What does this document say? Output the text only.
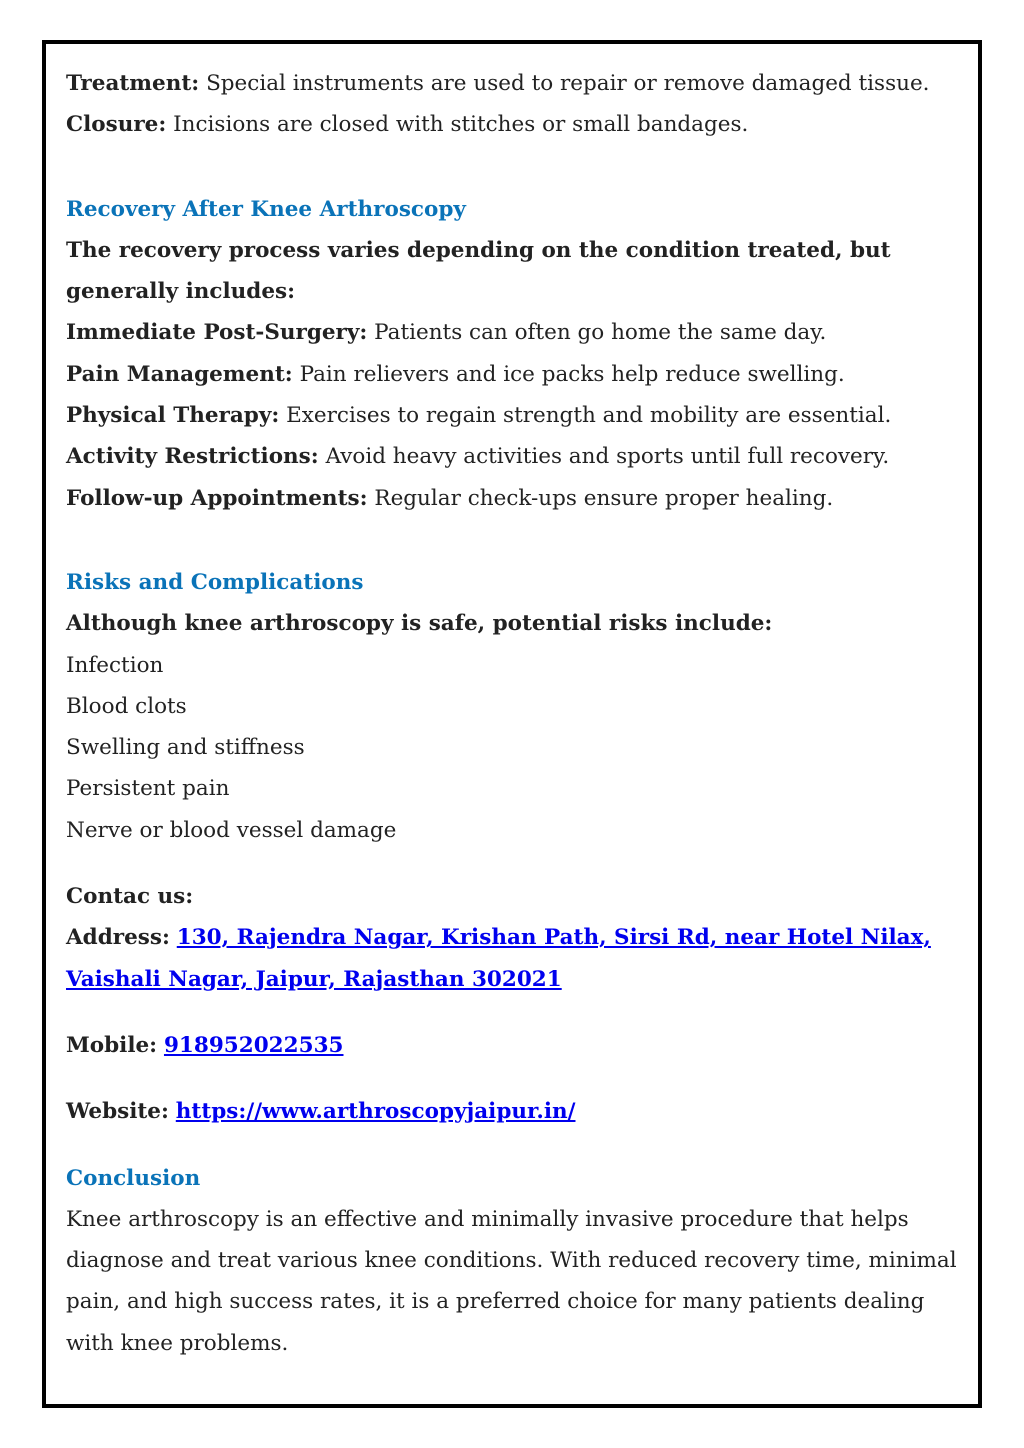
Treatment: Special instruments are used to repair or remove damaged tissue.

Closure: Incisions are closed with stitches or small bandages.

Recovery After Knee Arthroscopy

The recovery process varies depending on the condition treated, but generally includes:

Immediate Post-Surgery: Patients can often go home the same day.

Pain Management: Pain relievers and ice packs help reduce swelling.

Physical Therapy: Exercises to regain strength and mobility are essential.

Activity Restrictions: Avoid heavy activities and sports until full recovery.

Follow-up Appointments: Regular check-ups ensure proper healing.

Risks and Complications

Although knee arthroscopy is safe, potential risks include:

Infection

Blood clots

Swelling and stiffness

Persistent pain

Nerve or blood vessel damage

Contac us:

Address: 130, Rajendra Nagar, Krishan Path, Sirsi Rd, near Hotel Nilax, Vaishali Nagar, Jaipur, Rajasthan 302021

Mobile: 918952022535

Website: https://www.arthroscopyjaipur.in/

Conclusion

Knee arthroscopy is an effective and minimally invasive procedure that helps diagnose and treat various knee conditions. With reduced recovery time, minimal pain, and high success rates, it is a preferred choice for many patients dealing with knee problems.
